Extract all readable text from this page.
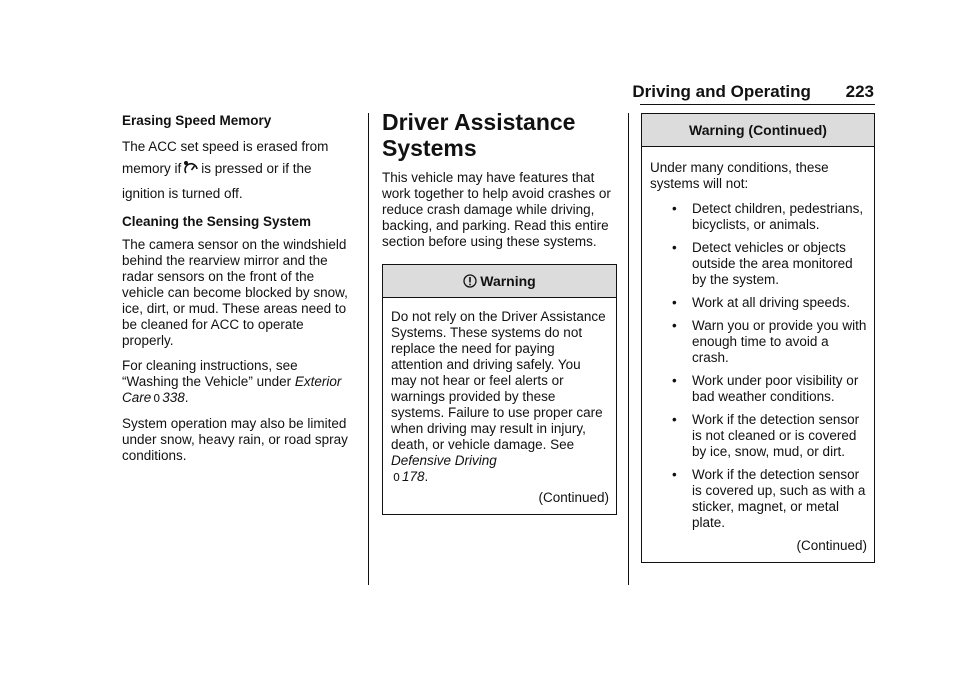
Driving and Operating 223
Erasing Speed Memory

The ACC set speed is erased from memory if is pressed or if the ignition is turned off.

Cleaning the Sensing System

The camera sensor on the windshield behind the rearview mirror and the radar sensors on the front of the vehicle can become blocked by snow, ice, dirt, or mud. These areas need to be cleaned for ACC to operate properly.

For cleaning instructions, see “Washing the Vehicle” under Exterior Care 0 338.

System operation may also be limited under snow, heavy rain, or road spray conditions.

Driver Assistance Systems

This vehicle may have features that work together to help avoid crashes or reduce crash damage while driving, backing, and parking. Read this entire section before using these systems.

Warning

Do not rely on the Driver Assistance Systems. These systems do not replace the need for paying attention and driving safely. You may not hear or feel alerts or warnings provided by these systems. Failure to use proper care when driving may result in injury, death, or vehicle damage. See Defensive Driving
0 178.

(Continued)

Warning (Continued)

Under many conditions, these systems will not:

• Detect children, pedestrians, bicyclists, or animals.
• Detect vehicles or objects outside the area monitored by the system.
• Work at all driving speeds.
• Warn you or provide you with enough time to avoid a crash.
• Work under poor visibility or bad weather conditions.
• Work if the detection sensor is not cleaned or is covered by ice, snow, mud, or dirt.
• Work if the detection sensor is covered up, such as with a sticker, magnet, or metal plate.

(Continued)
